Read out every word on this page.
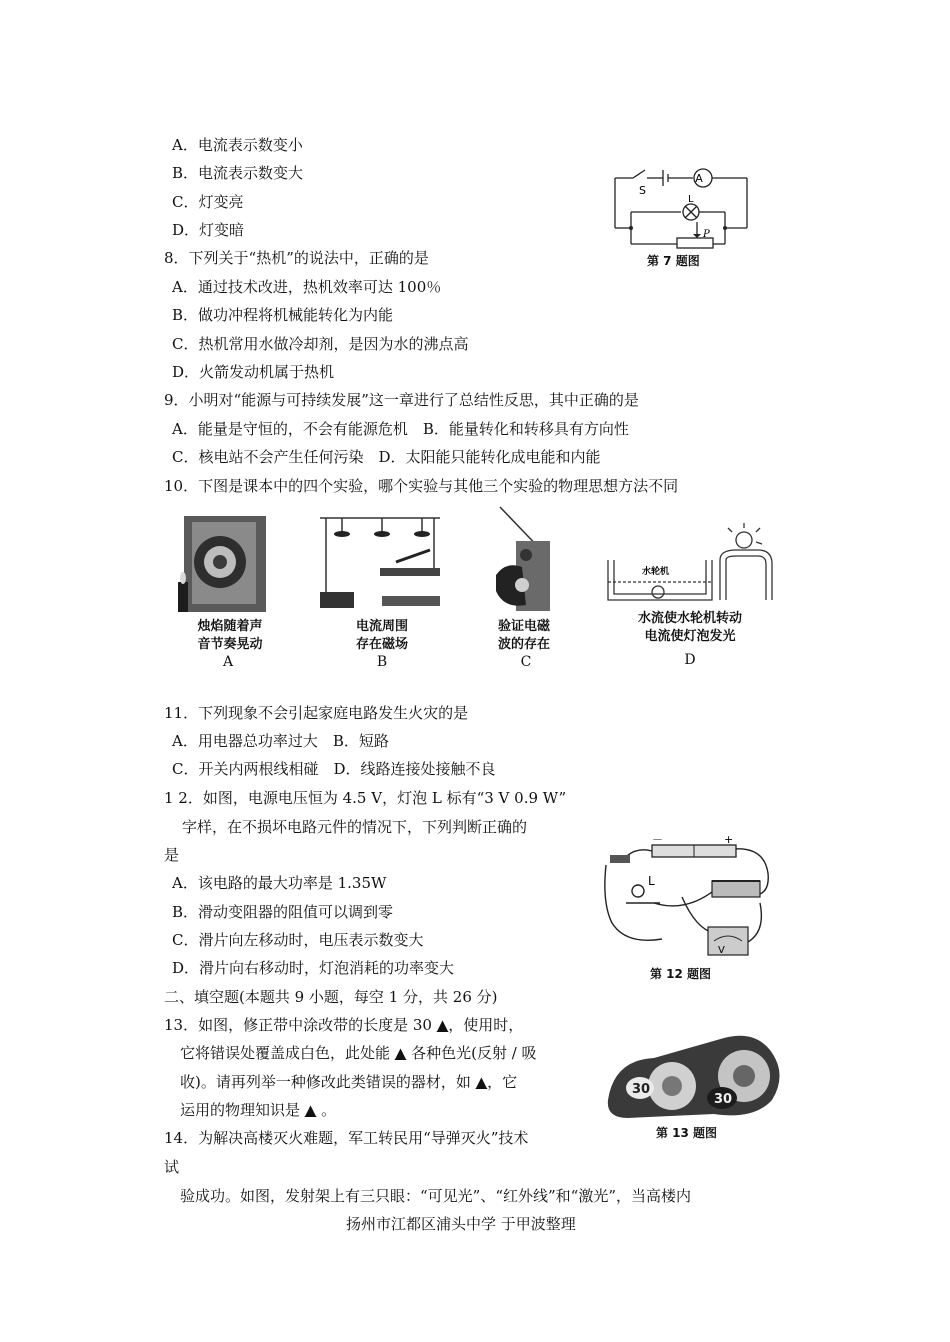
A．电流表示数变小
B．电流表示数变大
C．灯变亮
D．灯变暗
S
A
L
P
第 7 题图
8．下列关于“热机”的说法中，正确的是
A．通过技术改进，热机效率可达 100％
B．做功冲程将机械能转化为内能
C．热机常用水做冷却剂，是因为水的沸点高
D．火箭发动机属于热机
9．小明对“能源与可持续发展”这一章进行了总结性反思，其中正确的是
A．能量是守恒的，不会有能源危机　B．能量转化和转移具有方向性
C．核电站不会产生任何污染　D．太阳能只能转化成电能和内能
10．下图是课本中的四个实验，哪个实验与其他三个实验的物理思想方法不同
烛焰随着声
音节奏晃动
A
电流周围
存在磁场
B
验证电磁
波的存在
C
水轮机
水流使水轮机转动
电流使灯泡发光
D
11．下列现象不会引起家庭电路发生火灾的是
A．用电器总功率过大　B．短路
C．开关内两根线相碰　D．线路连接处接触不良
1 2．如图，电源电压恒为 4.5 V，灯泡 L 标有“3 V 0.9 W”
字样，在不损坏电路元件的情况下，下列判断正确的
是
A．该电路的最大功率是 1.35W
B．滑动变阻器的阻值可以调到零
C．滑片向左移动时，电压表示数变大
D．滑片向右移动时，灯泡消耗的功率变大
－	+
L
V
第 12 题图
二、填空题(本题共 9 小题，每空 1 分，共 26 分)
13．如图，修正带中涂改带的长度是 30 ▲，使用时，
它将错误处覆盖成白色，此处能 ▲ 各种色光(反射 / 吸
收)。请再列举一种修改此类错误的器材，如 ▲，它
运用的物理知识是 ▲ 。
30
30
第 13 题图
14．为解决高楼灭火难题，军工转民用“导弹灭火”技术
试
验成功。如图，发射架上有三只眼：“可见光”、“红外线”和“激光”，当高楼内
扬州市江都区浦头中学 于甲波整理
